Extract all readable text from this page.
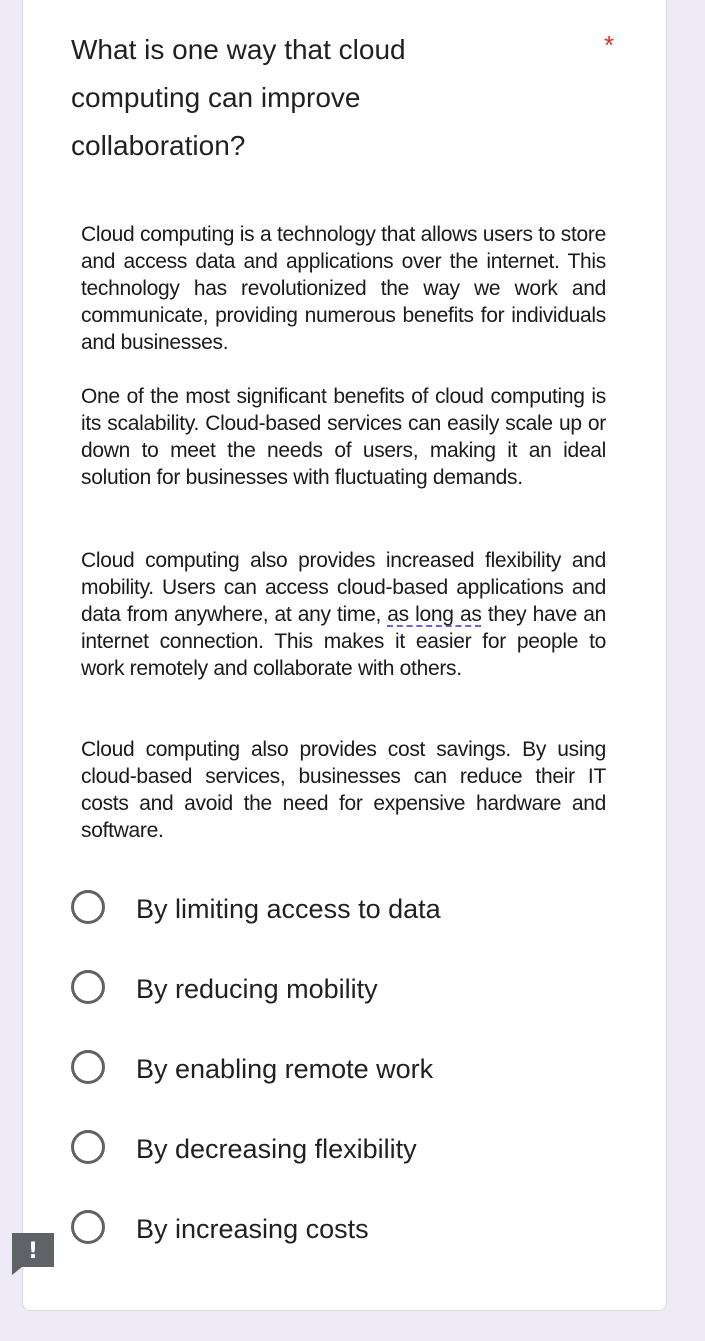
What is one way that cloud computing can improve collaboration?
*

Cloud computing is a technology that allows users to store and access data and applications over the internet. This technology has revolutionized the way we work and communicate, providing numerous benefits for individuals and businesses.

One of the most significant benefits of cloud computing is its scalability. Cloud-based services can easily scale up or down to meet the needs of users, making it an ideal solution for businesses with fluctuating demands.

Cloud computing also provides increased flexibility and mobility. Users can access cloud-based applications and data from anywhere, at any time, as long as they have an internet connection. This makes it easier for people to work remotely and collaborate with others.

Cloud computing also provides cost savings. By using cloud-based services, businesses can reduce their IT costs and avoid the need for expensive hardware and software.

By limiting access to data
By reducing mobility
By enabling remote work
By decreasing flexibility
By increasing costs
!
